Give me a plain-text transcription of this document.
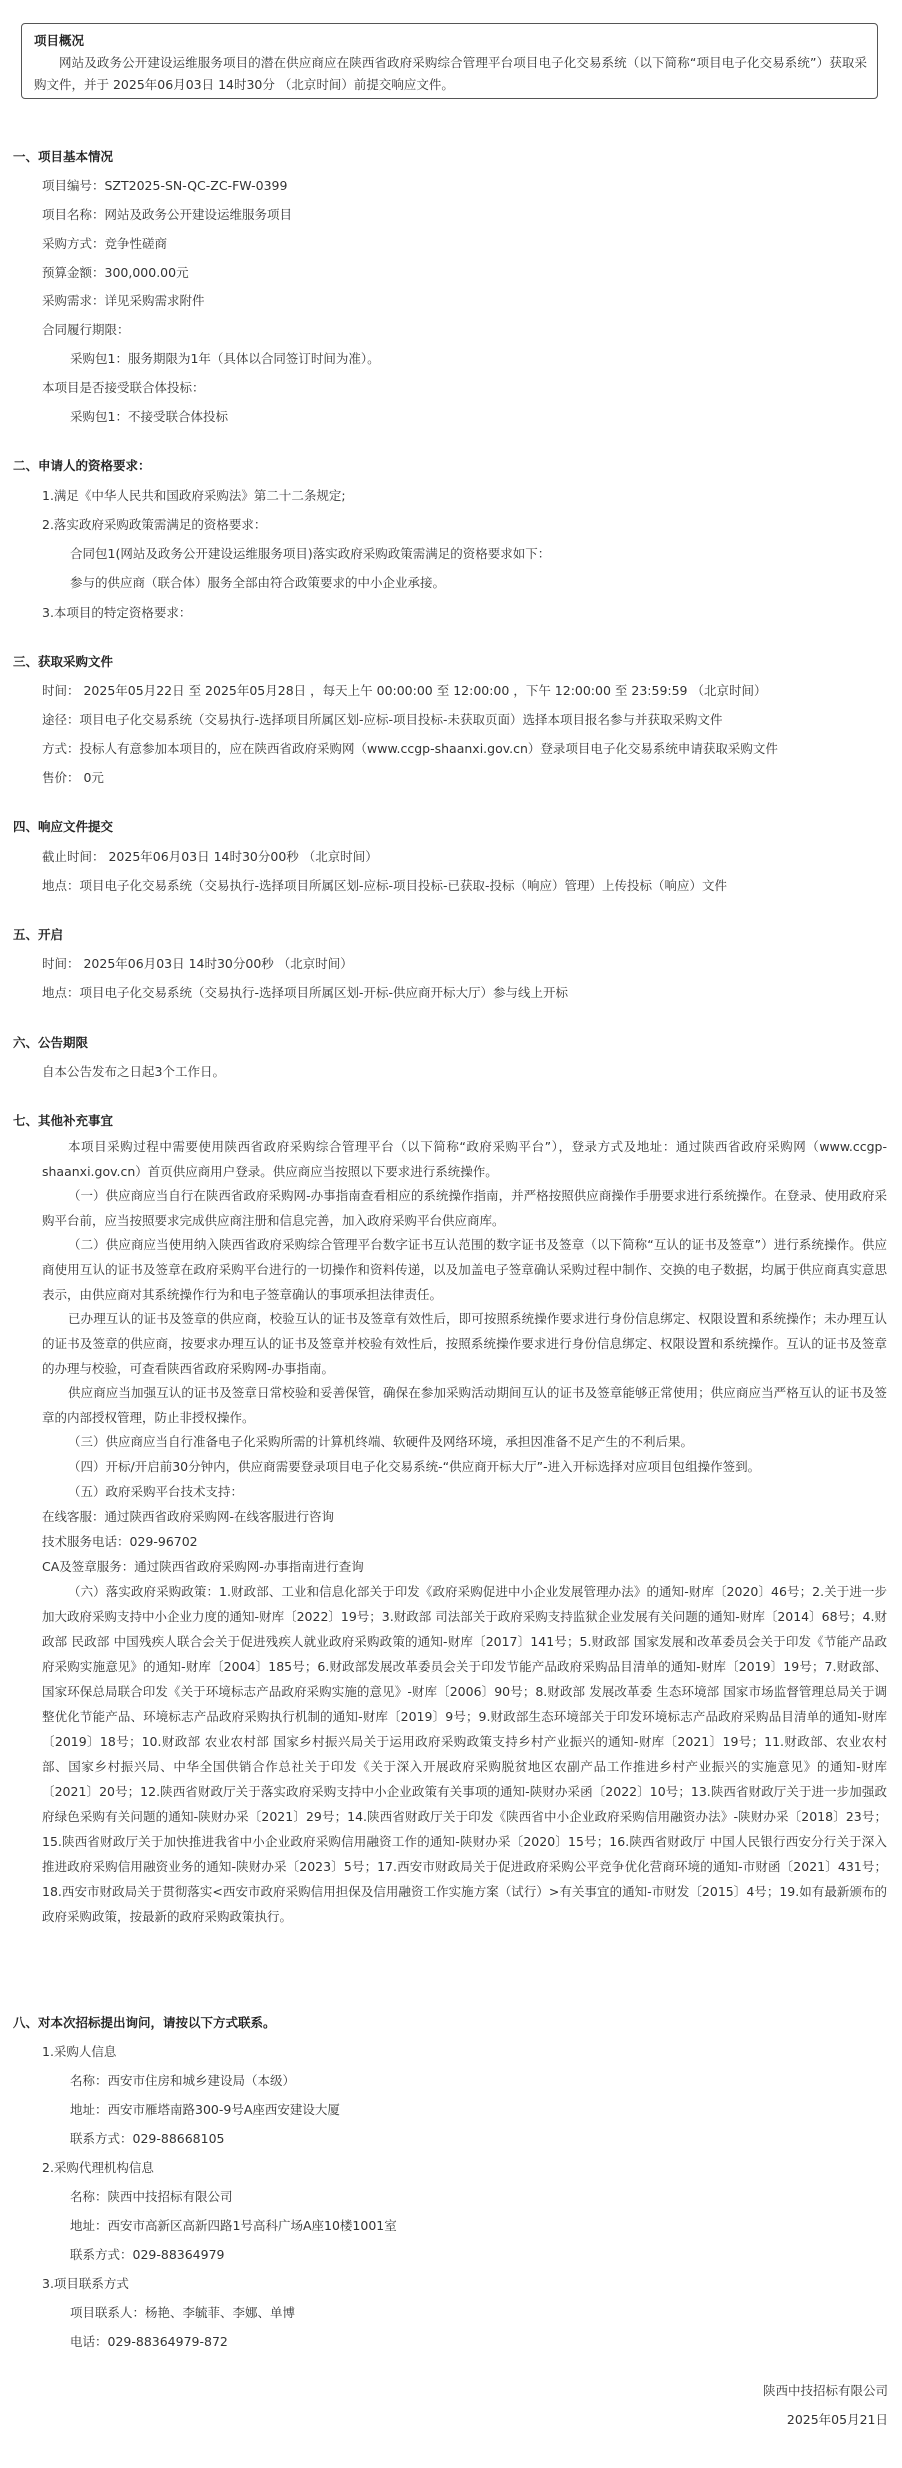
项目概况
网站及政务公开建设运维服务项目的潜在供应商应在陕西省政府采购综合管理平台项目电子化交易系统（以下简称“项目电子化交易系统”）获取采购文件，并于 2025年06月03日 14时30分 （北京时间）前提交响应文件。
一、项目基本情况
项目编号：SZT2025-SN-QC-ZC-FW-0399
项目名称：网站及政务公开建设运维服务项目
采购方式：竞争性磋商
预算金额：300,000.00元
采购需求：详见采购需求附件
合同履行期限：
采购包1：服务期限为1年（具体以合同签订时间为准）。
本项目是否接受联合体投标：
采购包1：不接受联合体投标
二、申请人的资格要求：
1.满足《中华人民共和国政府采购法》第二十二条规定;
2.落实政府采购政策需满足的资格要求：
合同包1(网站及政务公开建设运维服务项目)落实政府采购政策需满足的资格要求如下：
参与的供应商（联合体）服务全部由符合政策要求的中小企业承接。
3.本项目的特定资格要求：
三、获取采购文件
时间： 2025年05月22日 至 2025年05月28日 ，每天上午 00:00:00 至 12:00:00 ，下午 12:00:00 至 23:59:59 （北京时间）
途径：项目电子化交易系统（交易执行-选择项目所属区划-应标-项目投标-未获取页面）选择本项目报名参与并获取采购文件
方式：投标人有意参加本项目的，应在陕西省政府采购网（www.ccgp-shaanxi.gov.cn）登录项目电子化交易系统申请获取采购文件
售价： 0元
四、响应文件提交
截止时间： 2025年06月03日 14时30分00秒 （北京时间）
地点：项目电子化交易系统（交易执行-选择项目所属区划-应标-项目投标-已获取-投标（响应）管理）上传投标（响应）文件
五、开启
时间： 2025年06月03日 14时30分00秒 （北京时间）
地点：项目电子化交易系统（交易执行-选择项目所属区划-开标-供应商开标大厅）参与线上开标
六、公告期限
自本公告发布之日起3个工作日。
七、其他补充事宜
本项目采购过程中需要使用陕西省政府采购综合管理平台（以下简称“政府采购平台”），登录方式及地址：通过陕西省政府采购网（www.ccgp-shaanxi.gov.cn）首页供应商用户登录。供应商应当按照以下要求进行系统操作。
（一）供应商应当自行在陕西省政府采购网-办事指南查看相应的系统操作指南，并严格按照供应商操作手册要求进行系统操作。在登录、使用政府采购平台前，应当按照要求完成供应商注册和信息完善，加入政府采购平台供应商库。
（二）供应商应当使用纳入陕西省政府采购综合管理平台数字证书互认范围的数字证书及签章（以下简称“互认的证书及签章”）进行系统操作。供应商使用互认的证书及签章在政府采购平台进行的一切操作和资料传递，以及加盖电子签章确认采购过程中制作、交换的电子数据，均属于供应商真实意思表示，由供应商对其系统操作行为和电子签章确认的事项承担法律责任。
已办理互认的证书及签章的供应商，校验互认的证书及签章有效性后，即可按照系统操作要求进行身份信息绑定、权限设置和系统操作；未办理互认的证书及签章的供应商，按要求办理互认的证书及签章并校验有效性后，按照系统操作要求进行身份信息绑定、权限设置和系统操作。互认的证书及签章的办理与校验，可查看陕西省政府采购网-办事指南。
供应商应当加强互认的证书及签章日常校验和妥善保管，确保在参加采购活动期间互认的证书及签章能够正常使用；供应商应当严格互认的证书及签章的内部授权管理，防止非授权操作。
（三）供应商应当自行准备电子化采购所需的计算机终端、软硬件及网络环境，承担因准备不足产生的不利后果。
（四）开标/开启前30分钟内，供应商需要登录项目电子化交易系统-“供应商开标大厅”-进入开标选择对应项目包组操作签到。
（五）政府采购平台技术支持：
在线客服：通过陕西省政府采购网-在线客服进行咨询
技术服务电话：029-96702
CA及签章服务：通过陕西省政府采购网-办事指南进行查询
（六）落实政府采购政策：1.财政部、工业和信息化部关于印发《政府采购促进中小企业发展管理办法》的通知-财库〔2020〕46号；2.关于进一步加大政府采购支持中小企业力度的通知-财库〔2022〕19号；3.财政部 司法部关于政府采购支持监狱企业发展有关问题的通知-财库〔2014〕68号；4.财政部 民政部 中国残疾人联合会关于促进残疾人就业政府采购政策的通知-财库〔2017〕141号；5.财政部 国家发展和改革委员会关于印发《节能产品政府采购实施意见》的通知-财库〔2004〕185号；6.财政部发展改革委员会关于印发节能产品政府采购品目清单的通知-财库〔2019〕19号；7.财政部、国家环保总局联合印发《关于环境标志产品政府采购实施的意见》-财库〔2006〕90号；8.财政部 发展改革委 生态环境部 国家市场监督管理总局关于调整优化节能产品、环境标志产品政府采购执行机制的通知-财库〔2019〕9号；9.财政部生态环境部关于印发环境标志产品政府采购品目清单的通知-财库〔2019〕18号；10.财政部 农业农村部 国家乡村振兴局关于运用政府采购政策支持乡村产业振兴的通知-财库〔2021〕19号；11.财政部、农业农村部、国家乡村振兴局、中华全国供销合作总社关于印发《关于深入开展政府采购脱贫地区农副产品工作推进乡村产业振兴的实施意见》的通知-财库〔2021〕20号；12.陕西省财政厅关于落实政府采购支持中小企业政策有关事项的通知-陕财办采函〔2022〕10号；13.陕西省财政厅关于进一步加强政府绿色采购有关问题的通知-陕财办采〔2021〕29号；14.陕西省财政厅关于印发《陕西省中小企业政府采购信用融资办法》-陕财办采〔2018〕23号；15.陕西省财政厅关于加快推进我省中小企业政府采购信用融资工作的通知-陕财办采〔2020〕15号；16.陕西省财政厅 中国人民银行西安分行关于深入推进政府采购信用融资业务的通知-陕财办采〔2023〕5号；17.西安市财政局关于促进政府采购公平竞争优化营商环境的通知-市财函〔2021〕431号；18.西安市财政局关于贯彻落实<西安市政府采购信用担保及信用融资工作实施方案（试行）>有关事宜的通知-市财发〔2015〕4号；19.如有最新颁布的政府采购政策，按最新的政府采购政策执行。
八、对本次招标提出询问，请按以下方式联系。
1.采购人信息
名称：西安市住房和城乡建设局（本级）
地址：西安市雁塔南路300-9号A座西安建设大厦
联系方式：029-88668105
2.采购代理机构信息
名称：陕西中技招标有限公司
地址：西安市高新区高新四路1号高科广场A座10楼1001室
联系方式：029-88364979
3.项目联系方式
项目联系人：杨艳、李毓菲、李娜、单博
电话：029-88364979-872
陕西中技招标有限公司
2025年05月21日
